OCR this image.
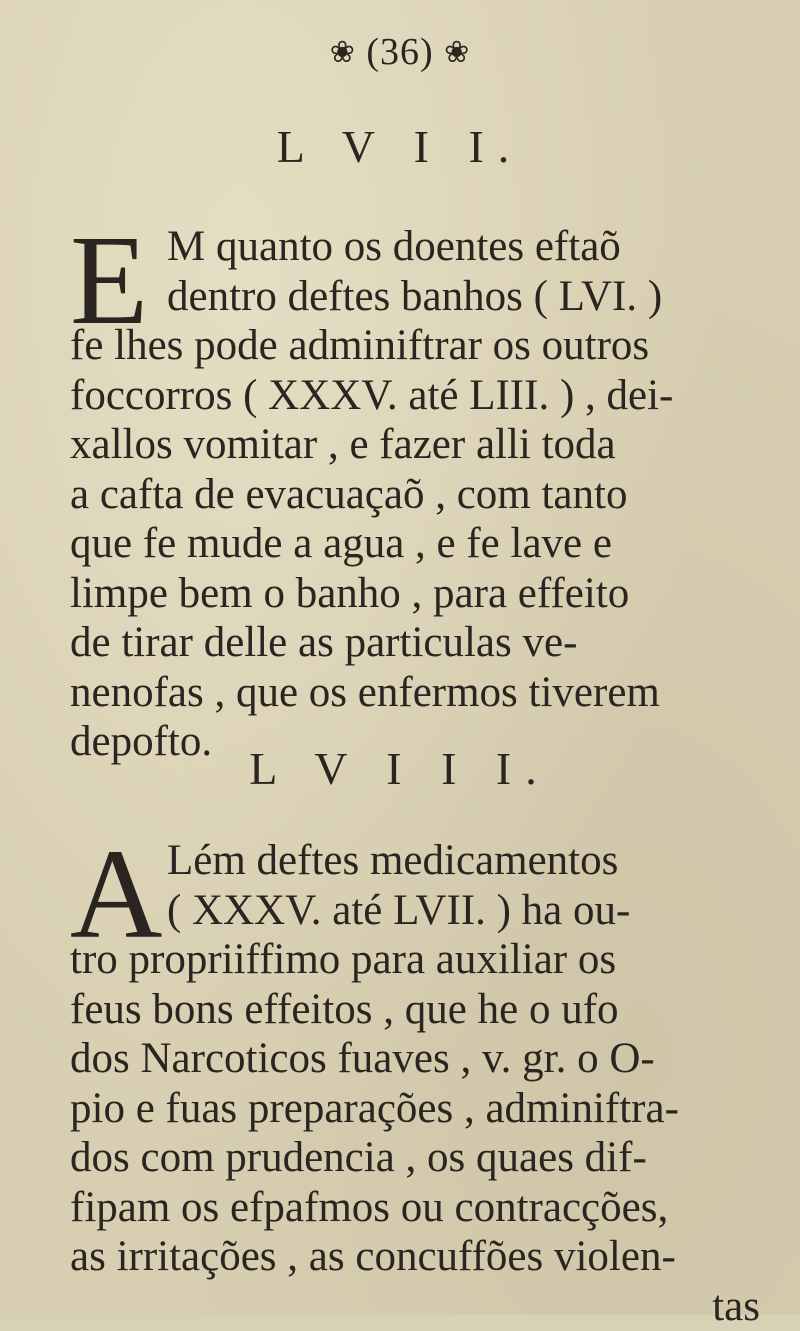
❀ (36) ❀
L V I I.
E M quanto os doentes eftaõ
dentro deftes banhos ( LVI. )
fe lhes pode adminiftrar os outros
foccorros ( XXXV. até LIII. ) , dei-
xallos vomitar , e fazer alli toda
a cafta de evacuaçaõ , com tanto
que fe mude a agua , e fe lave e
limpe bem o banho , para effeito
de tirar delle as particulas ve-
nenofas , que os enfermos tiverem
depofto.
L V I I I.
A Lém deftes medicamentos
( XXXV. até LVII. ) ha ou-
tro propriiffimo para auxiliar os
feus bons effeitos , que he o ufo
dos Narcoticos fuaves , v. gr. o O-
pio e fuas preparações , adminiftra-
dos com prudencia , os quaes dif-
fipam os efpafmos ou contracções,
as irritações , as concuffões violen-
tas
